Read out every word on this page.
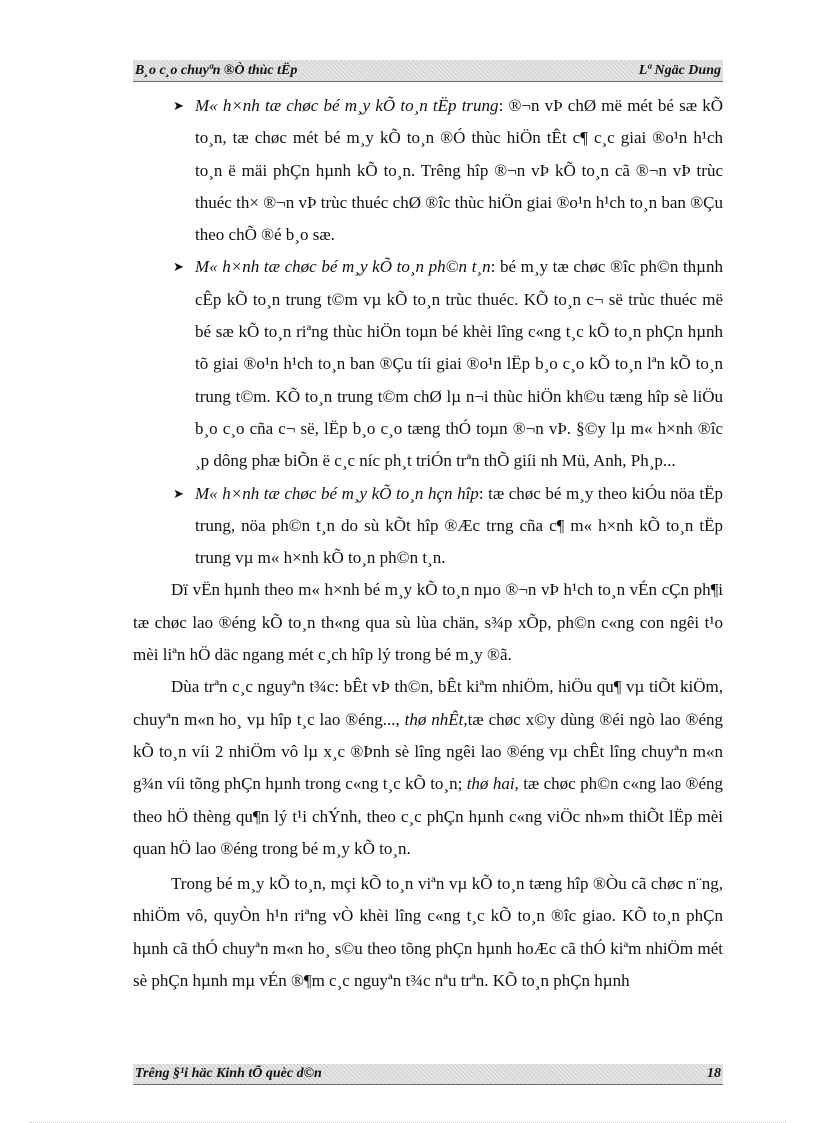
B¸o c¸o chuyªn ®Ò thùc tËp	Lª Ngäc Dung
➤ M« h×nh tæ chøc bé m¸y kÕ to¸n tËp trung: ®¬n vÞ chØ më mét bé sæ kÕ to¸n, tæ chøc mét bé m¸y kÕ to¸n ®Ó thùc hiÖn tÊt c¶ c¸c giai ®o¹n h¹ch to¸n ë mäi phÇn hµnh kÕ to¸n. Trêng hîp ®¬n vÞ kÕ to¸n cã ®¬n vÞ trùc thuéc th× ®¬n vÞ trùc thuéc chØ ®îc thùc hiÖn giai ®o¹n h¹ch to¸n ban ®Çu theo chÕ ®é b¸o sæ.
➤ M« h×nh tæ chøc bé m¸y kÕ to¸n ph©n t¸n: bé m¸y tæ chøc ®îc ph©n thµnh cÊp kÕ to¸n trung t©m vµ kÕ to¸n trùc thuéc. KÕ to¸n c¬ së trùc thuéc më bé sæ kÕ to¸n riªng thùc hiÖn toµn bé khèi lîng c«ng t¸c kÕ to¸n phÇn hµnh tõ giai ®o¹n h¹ch to¸n ban ®Çu tíi giai ®o¹n lËp b¸o c¸o kÕ to¸n lªn kÕ to¸n trung t©m. KÕ to¸n trung t©m chØ lµ n¬i thùc hiÖn kh©u tæng hîp sè liÖu b¸o c¸o cña c¬ së, lËp b¸o c¸o tæng thÓ toµn ®¬n vÞ. §©y lµ m« h×nh ®îc ¸p dông phæ biÕn ë c¸c níc ph¸t triÓn trªn thÕ giíi nh Mü, Anh, Ph¸p...
➤ M« h×nh tæ chøc bé m¸y kÕ to¸n hçn hîp: tæ chøc bé m¸y theo kiÓu nöa tËp trung, nöa ph©n t¸n do sù kÕt hîp ®Æc trng cña c¶ m« h×nh kÕ to¸n tËp trung vµ m« h×nh kÕ to¸n ph©n t¸n.

Dï vËn hµnh theo m« h×nh bé m¸y kÕ to¸n nµo ®¬n vÞ h¹ch to¸n vÉn cÇn ph¶i tæ chøc lao ®éng kÕ to¸n th«ng qua sù lùa chän, s¾p xÕp, ph©n c«ng con ngêi t¹o mèi liªn hÖ däc ngang mét c¸ch hîp lý trong bé m¸y ®ã.

Dùa trªn c¸c nguyªn t¾c: bÊt vÞ th©n, bÊt kiªm nhiÖm, hiÖu qu¶ vµ tiÕt kiÖm, chuyªn m«n ho¸ vµ hîp t¸c lao ®éng..., thø nhÊt,tæ chøc x©y dùng ®éi ngò lao ®éng kÕ to¸n víi 2 nhiÖm vô lµ x¸c ®Þnh sè lîng ngêi lao ®éng vµ chÊt lîng chuyªn m«n g¾n víi tõng phÇn hµnh trong c«ng t¸c kÕ to¸n; thø hai, tæ chøc ph©n c«ng lao ®éng theo hÖ thèng qu¶n lý t¹i chÝnh, theo c¸c phÇn hµnh c«ng viÖc nh»m thiÕt lËp mèi quan hÖ lao ®éng trong bé m¸y kÕ to¸n.

Trong bé m¸y kÕ to¸n, mçi kÕ to¸n viªn vµ kÕ to¸n tæng hîp ®Òu cã chøc n¨ng, nhiÖm vô, quyÒn h¹n riªng vÒ khèi lîng c«ng t¸c kÕ to¸n ®îc giao. KÕ to¸n phÇn hµnh cã thÓ chuyªn m«n ho¸ s©u theo tõng phÇn hµnh hoÆc cã thÓ kiªm nhiÖm mét sè phÇn hµnh mµ vÉn ®¶m c¸c nguyªn t¾c nªu trªn. KÕ to¸n phÇn hµnh

Trêng §¹i häc Kinh tÕ quèc d©n	18
